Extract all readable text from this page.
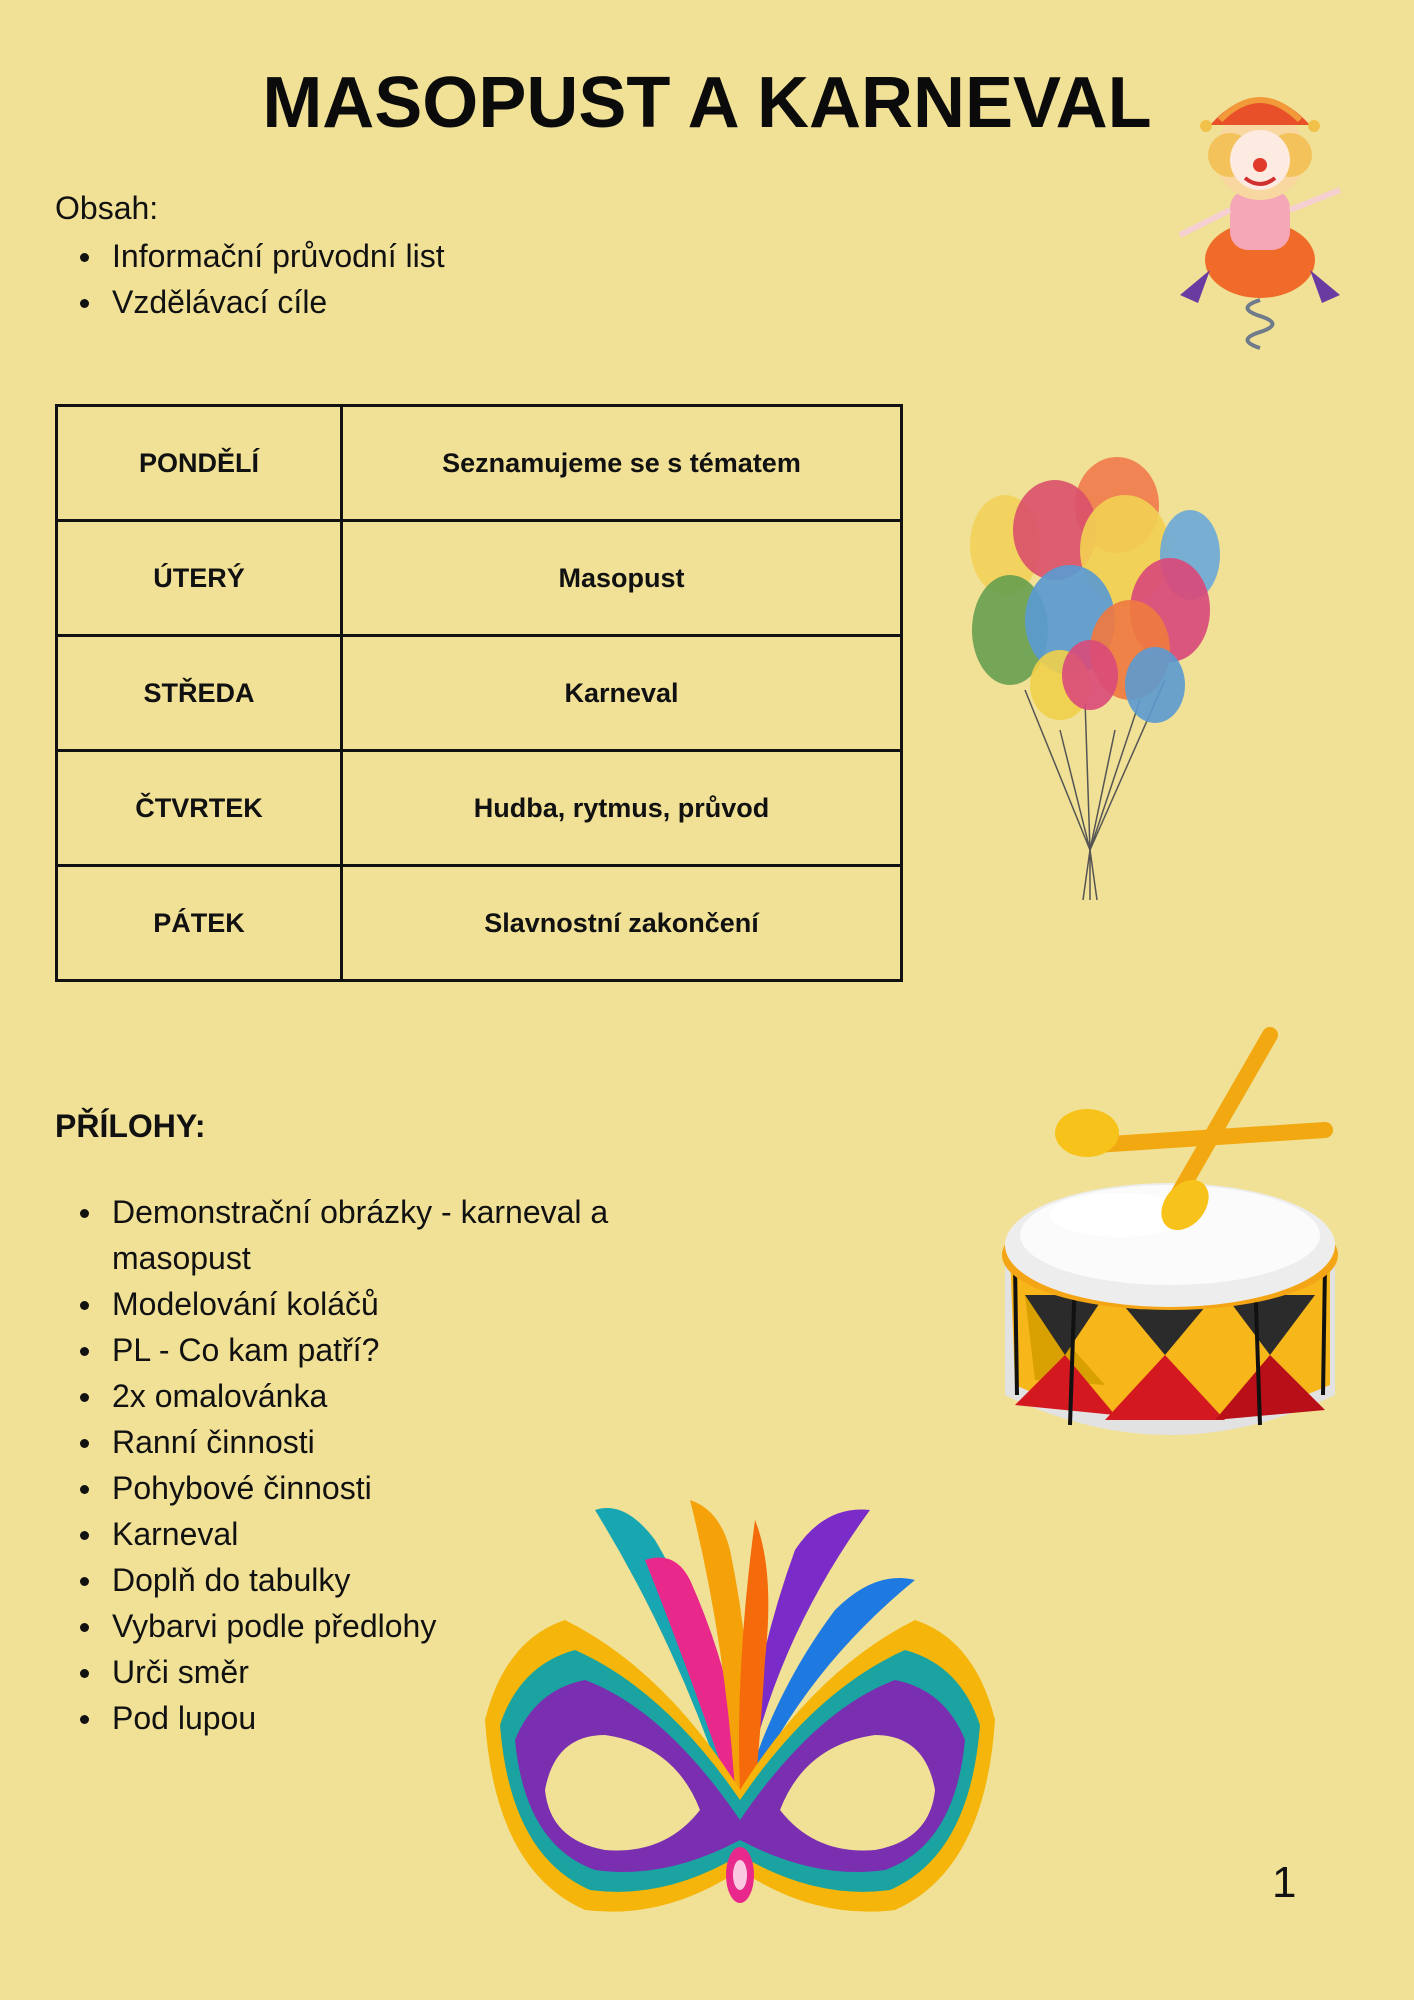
MASOPUST A KARNEVAL
Obsah:
Informační průvodní list
Vzdělávací cíle
PONDĚLÍ	Seznamujeme se s tématem
ÚTERÝ	Masopust
STŘEDA	Karneval
ČTVRTEK	Hudba, rytmus, průvod
PÁTEK	Slavnostní zakončení
PŘÍLOHY:
Demonstrační obrázky - karneval a masopust
Modelování koláčů
PL - Co kam patří?
2x omalovánka
Ranní činnosti
Pohybové činnosti
Karneval
Doplň do tabulky
Vybarvi podle předlohy
Urči směr
Pod lupou
1
